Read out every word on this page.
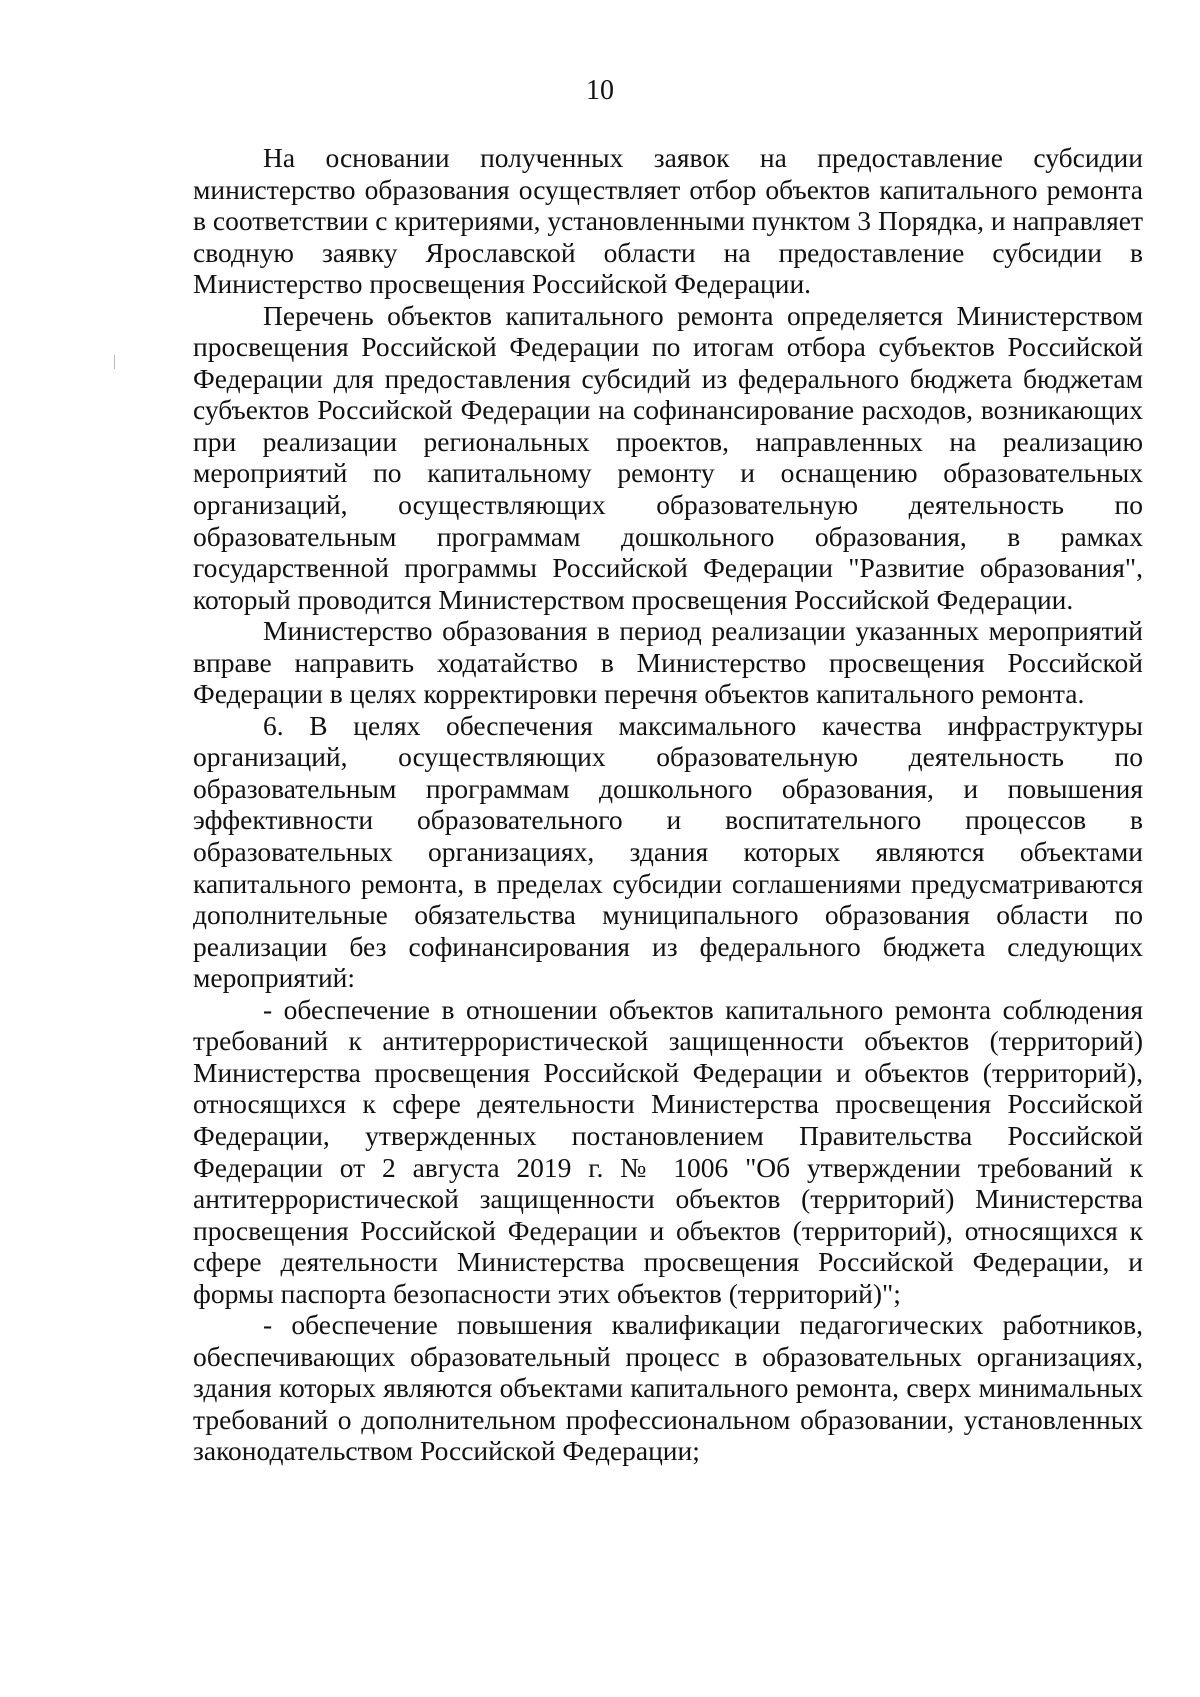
10

На основании полученных заявок на предоставление субсидии министерство образования осуществляет отбор объектов капитального ремонта в соответствии с критериями, установленными пунктом 3 Порядка, и направляет сводную заявку Ярославской области на предоставление субсидии в Министерство просвещения Российской Федерации.

Перечень объектов капитального ремонта определяется Министерством просвещения Российской Федерации по итогам отбора субъектов Российской Федерации для предоставления субсидий из федерального бюджета бюджетам субъектов Российской Федерации на софинансирование расходов, возникающих при реализации региональных проектов, направленных на реализацию мероприятий по капитальному ремонту и оснащению образовательных организаций, осуществляющих образовательную деятельность по образовательным программам дошкольного образования, в рамках государственной программы Российской Федерации "Развитие образования", который проводится Министерством просвещения Российской Федерации.

Министерство образования в период реализации указанных мероприятий вправе направить ходатайство в Министерство просвещения Российской Федерации в целях корректировки перечня объектов капитального ремонта.

6. В целях обеспечения максимального качества инфраструктуры организаций, осуществляющих образовательную деятельность по образовательным программам дошкольного образования, и повышения эффективности образовательного и воспитательного процессов в образовательных организациях, здания которых являются объектами капитального ремонта, в пределах субсидии соглашениями предусматриваются дополнительные обязательства муниципального образования области по реализации без софинансирования из федерального бюджета следующих мероприятий:

- обеспечение в отношении объектов капитального ремонта соблюдения требований к антитеррористической защищенности объектов (территорий) Министерства просвещения Российской Федерации и объектов (территорий), относящихся к сфере деятельности Министерства просвещения Российской Федерации, утвержденных постановлением Правительства Российской Федерации от 2 августа 2019 г. № 1006 "Об утверждении требований к антитеррористической защищенности объектов (территорий) Министерства просвещения Российской Федерации и объектов (территорий), относящихся к сфере деятельности Министерства просвещения Российской Федерации, и формы паспорта безопасности этих объектов (территорий)";

- обеспечение повышения квалификации педагогических работников, обеспечивающих образовательный процесс в образовательных организациях, здания которых являются объектами капитального ремонта, сверх минимальных требований о дополнительном профессиональном образовании, установленных законодательством Российской Федерации;
